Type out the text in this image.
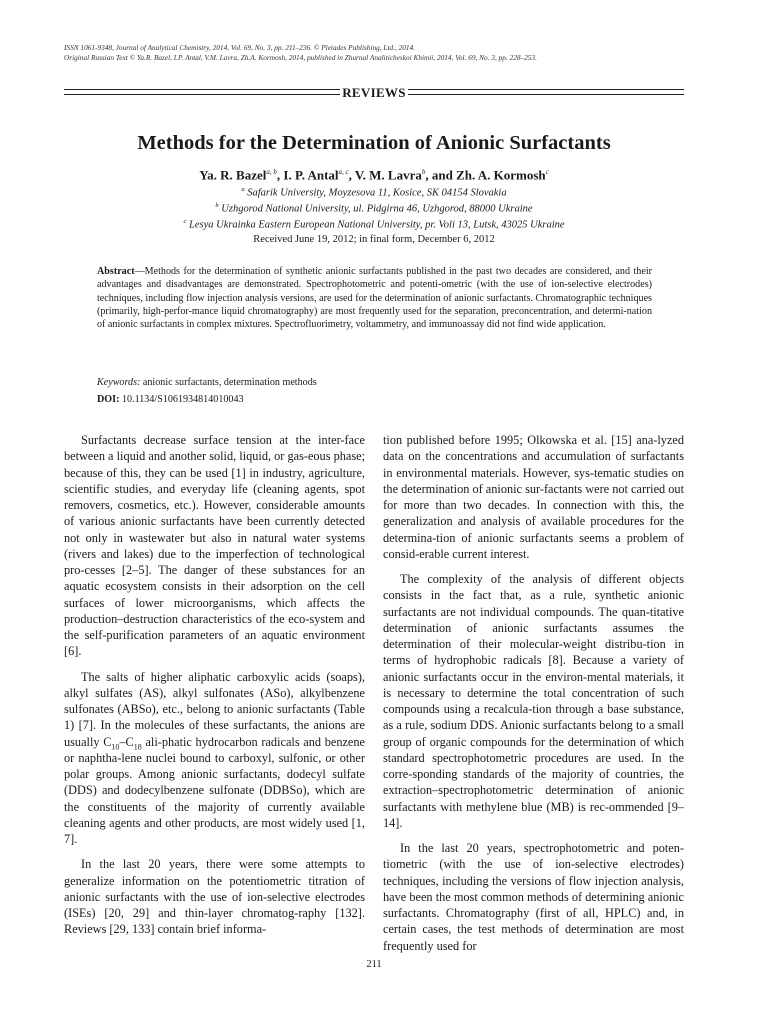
ISSN 1061-9348, Journal of Analytical Chemistry, 2014, Vol. 69, No. 3, pp. 211–236. © Pleiades Publishing, Ltd., 2014.
Original Russian Text © Ya.R. Bazel, I.P. Antal, V.M. Lavra, Zh.A. Kormosh, 2014, published in Zhurnal Analiticheskoi Khimii, 2014, Vol. 69, No. 3, pp. 228–253.
REVIEWS
Methods for the Determination of Anionic Surfactants
Ya. R. Bazel$^{a, b}$, I. P. Antal$^{a, c}$, V. M. Lavra$^b$, and Zh. A. Kormosh$^c$
$^a$ Safarik University, Moyzesova 11, Kosice, SK 04154 Slovakia
$^b$ Uzhgorod National University, ul. Pidgirna 46, Uzhgorod, 88000 Ukraine
$^c$ Lesya Ukrainka Eastern European National University, pr. Voli 13, Lutsk, 43025 Ukraine
Received June 19, 2012; in final form, December 6, 2012
Abstract—Methods for the determination of synthetic anionic surfactants published in the past two decades are considered, and their advantages and disadvantages are demonstrated. Spectrophotometric and potenti-ometric (with the use of ion-selective electrodes) techniques, including flow injection analysis versions, are used for the determination of anionic surfactants. Chromatographic techniques (primarily, high-perfor-mance liquid chromatography) are most frequently used for the separation, preconcentration, and determi-nation of anionic surfactants in complex mixtures. Spectrofluorimetry, voltammetry, and immunoassay did not find wide application.
Keywords: anionic surfactants, determination methods
DOI: 10.1134/S1061934814010043

Surfactants decrease surface tension at the inter-face between a liquid and another solid, liquid, or gas-eous phase; because of this, they can be used [1] in industry, agriculture, scientific studies, and everyday life (cleaning agents, spot removers, cosmetics, etc.). However, considerable amounts of various anionic surfactants have been currently detected not only in wastewater but also in natural water systems (rivers and lakes) due to the imperfection of technological pro-cesses [2–5]. The danger of these substances for an aquatic ecosystem consists in their adsorption on the cell surfaces of lower microorganisms, which affects the production–destruction characteristics of the eco-system and the self-purification parameters of an aquatic environment [6].

The salts of higher aliphatic carboxylic acids (soaps), alkyl sulfates (AS), alkyl sulfonates (ASo), alkylbenzene sulfonates (ABSo), etc., belong to anionic surfactants (Table 1) [7]. In the molecules of these surfactants, the anions are usually $C_{10}-C_{18}$ ali-phatic hydrocarbon radicals and benzene or naphtha-lene nuclei bound to carboxyl, sulfonic, or other polar groups. Among anionic surfactants, dodecyl sulfate (DDS) and dodecylbenzene sulfonate (DDBSo), which are the constituents of the majority of currently available cleaning agents and other products, are most widely used [1, 7].

In the last 20 years, there were some attempts to generalize information on the potentiometric titration of anionic surfactants with the use of ion-selective electrodes (ISEs) [20, 29] and thin-layer chromatog-raphy [132]. Reviews [29, 133] contain brief informa-

tion published before 1995; Olkowska et al. [15] ana-lyzed data on the concentrations and accumulation of surfactants in environmental materials. However, sys-tematic studies on the determination of anionic sur-factants were not carried out for more than two decades. In connection with this, the generalization and analysis of available procedures for the determina-tion of anionic surfactants seems a problem of consid-erable current interest.

The complexity of the analysis of different objects consists in the fact that, as a rule, synthetic anionic surfactants are not individual compounds. The quan-titative determination of anionic surfactants assumes the determination of their molecular-weight distribu-tion in terms of hydrophobic radicals [8]. Because a variety of anionic surfactants occur in the environ-mental materials, it is necessary to determine the total concentration of such compounds using a recalcula-tion through a base substance, as a rule, sodium DDS. Anionic surfactants belong to a small group of organic compounds for the determination of which standard spectrophotometric procedures are used. In the corre-sponding standards of the majority of countries, the extraction–spectrophotometric determination of anionic surfactants with methylene blue (MB) is rec-ommended [9–14].

In the last 20 years, spectrophotometric and poten-tiometric (with the use of ion-selective electrodes) techniques, including the versions of flow injection analysis, have been the most common methods of determining anionic surfactants. Chromatography (first of all, HPLC) and, in certain cases, the test methods of determination are most frequently used for

211
